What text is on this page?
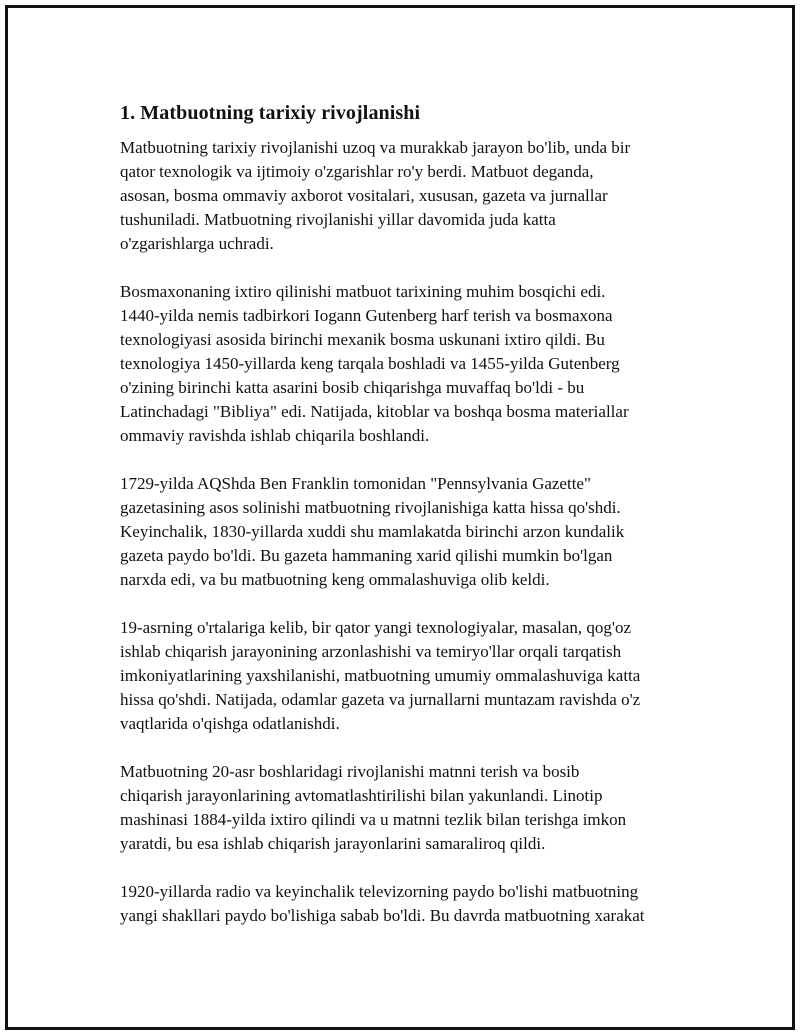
1. Matbuotning tarixiy rivojlanishi

Matbuotning tarixiy rivojlanishi uzoq va murakkab jarayon bo'lib, unda bir
qator texnologik va ijtimoiy o'zgarishlar ro'y berdi. Matbuot deganda,
asosan, bosma ommaviy axborot vositalari, xususan, gazeta va jurnallar
tushuniladi. Matbuotning rivojlanishi yillar davomida juda katta
o'zgarishlarga uchradi.

Bosmaxonaning ixtiro qilinishi matbuot tarixining muhim bosqichi edi.
1440-yilda nemis tadbirkori Iogann Gutenberg harf terish va bosmaxona
texnologiyasi asosida birinchi mexanik bosma uskunani ixtiro qildi. Bu
texnologiya 1450-yillarda keng tarqala boshladi va 1455-yilda Gutenberg
o'zining birinchi katta asarini bosib chiqarishga muvaffaq bo'ldi - bu
Latinchadagi "Bibliya" edi. Natijada, kitoblar va boshqa bosma materiallar
ommaviy ravishda ishlab chiqarila boshlandi.

1729-yilda AQShda Ben Franklin tomonidan "Pennsylvania Gazette"
gazetasining asos solinishi matbuotning rivojlanishiga katta hissa qo'shdi.
Keyinchalik, 1830-yillarda xuddi shu mamlakatda birinchi arzon kundalik
gazeta paydo bo'ldi. Bu gazeta hammaning xarid qilishi mumkin bo'lgan
narxda edi, va bu matbuotning keng ommalashuviga olib keldi.

19-asrning o'rtalariga kelib, bir qator yangi texnologiyalar, masalan, qog'oz
ishlab chiqarish jarayonining arzonlashishi va temiryo'llar orqali tarqatish
imkoniyatlarining yaxshilanishi, matbuotning umumiy ommalashuviga katta
hissa qo'shdi. Natijada, odamlar gazeta va jurnallarni muntazam ravishda o'z
vaqtlarida o'qishga odatlanishdi.

Matbuotning 20-asr boshlaridagi rivojlanishi matnni terish va bosib
chiqarish jarayonlarining avtomatlashtirilishi bilan yakunlandi. Linotip
mashinasi 1884-yilda ixtiro qilindi va u matnni tezlik bilan terishga imkon
yaratdi, bu esa ishlab chiqarish jarayonlarini samaraliroq qildi.

1920-yillarda radio va keyinchalik televizorning paydo bo'lishi matbuotning
yangi shakllari paydo bo'lishiga sabab bo'ldi. Bu davrda matbuotning xarakat
